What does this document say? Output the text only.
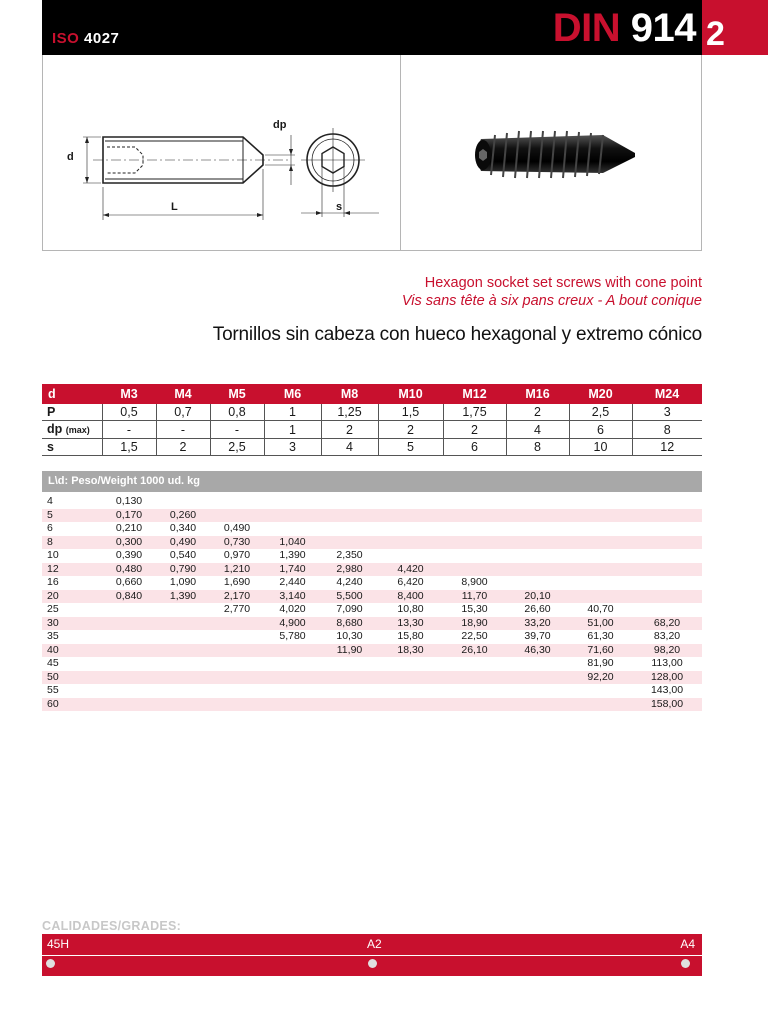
ISO 4027	DIN 914 2
d
dp
L	s
Hexagon socket set screws with cone point
Vis sans tête à six pans creux - A bout conique
Tornillos sin cabeza con hueco hexagonal y extremo cónico
d	M3	M4	M5	M6	M8	M10	M12	M16	M20	M24
P	0,5	0,7	0,8	1	1,25	1,5	1,75	2	2,5	3
dp (max)	-	-	-	1	2	2	2	4	6	8
s	1,5	2	2,5	3	4	5	6	8	10	12
L\d: Peso/Weight 1000 ud. kg
4	0,130									
5	0,170	0,260								
6	0,210	0,340	0,490							
8	0,300	0,490	0,730	1,040						
10	0,390	0,540	0,970	1,390	2,350					
12	0,480	0,790	1,210	1,740	2,980	4,420				
16	0,660	1,090	1,690	2,440	4,240	6,420	8,900			
20	0,840	1,390	2,170	3,140	5,500	8,400	11,70	20,10		
25			2,770	4,020	7,090	10,80	15,30	26,60	40,70	
30				4,900	8,680	13,30	18,90	33,20	51,00	68,20
35				5,780	10,30	15,80	22,50	39,70	61,30	83,20
40					11,90	18,30	26,10	46,30	71,60	98,20
45									81,90	113,00
50									92,20	128,00
55										143,00
60										158,00
CALIDADES/GRADES:
45H	A2	A4
